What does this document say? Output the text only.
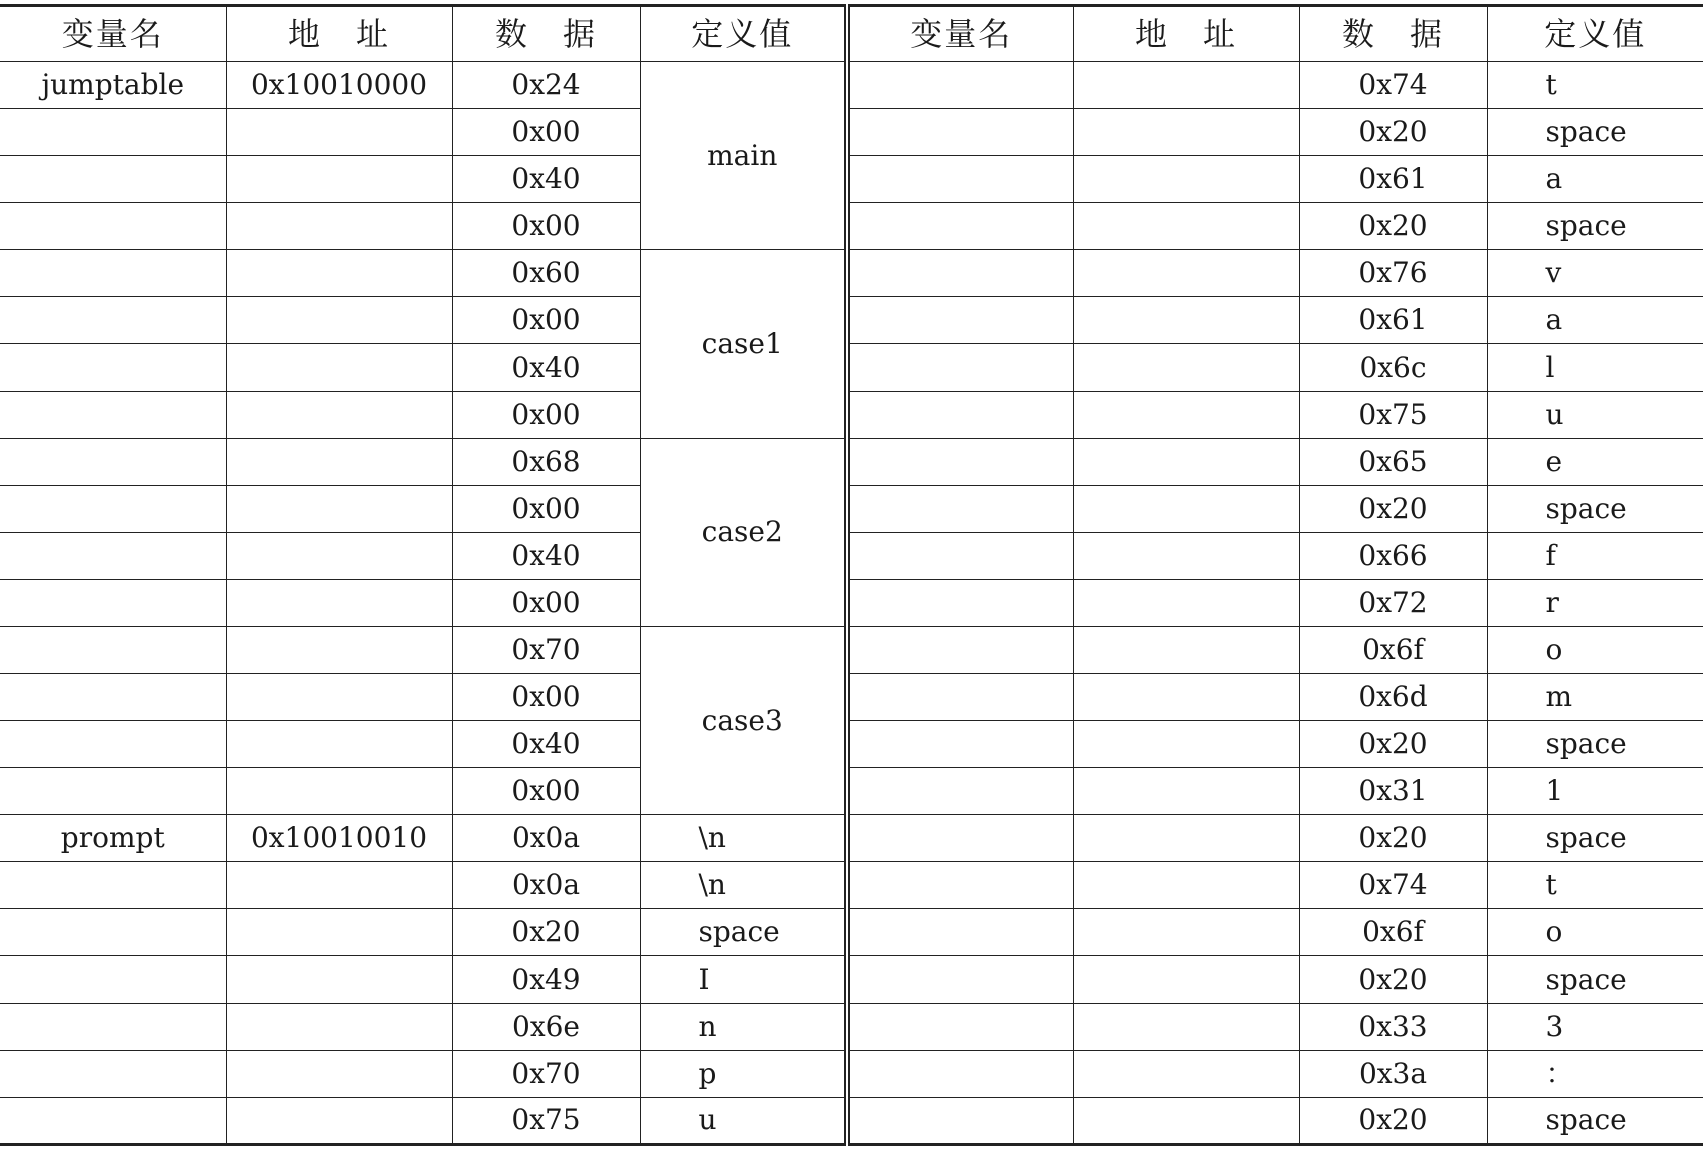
变量名	地　址	数　据	定义值	变量名	地　址	数　据	定义值
jumptable	0x10010000	0x24	main			0x74	t
		0x00				0x20	space
		0x40				0x61	a
		0x00				0x20	space
		0x60	case1			0x76	v
		0x00				0x61	a
		0x40				0x6c	l
		0x00				0x75	u
		0x68	case2			0x65	e
		0x00				0x20	space
		0x40				0x66	f
		0x00				0x72	r
		0x70	case3			0x6f	o
		0x00				0x6d	m
		0x40				0x20	space
		0x00				0x31	1
prompt	0x10010010	0x0a	\n			0x20	space
		0x0a	\n			0x74	t
		0x20	space			0x6f	o
		0x49	I			0x20	space
		0x6e	n			0x33	3
		0x70	p			0x3a	：
		0x75	u			0x20	space
